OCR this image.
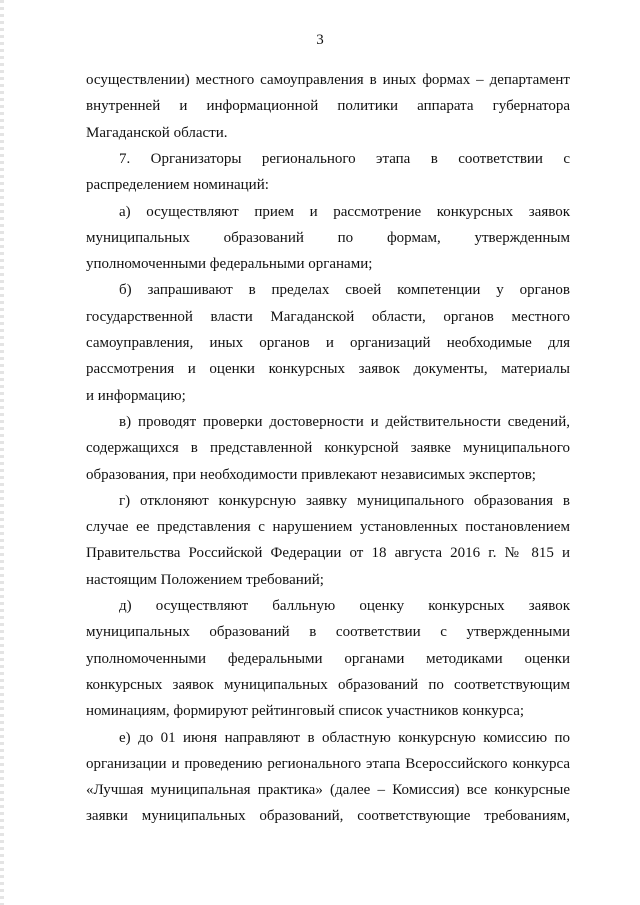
3
осуществлении) местного самоуправления в иных формах – департамент
внутренней и информационной политики аппарата губернатора
Магаданской области.
7. Организаторы регионального этапа в соответствии с
распределением номинаций:
а) осуществляют прием и рассмотрение конкурсных заявок
муниципальных образований по формам, утвержденным
уполномоченными федеральными органами;
б) запрашивают в пределах своей компетенции у органов
государственной власти Магаданской области, органов местного
самоуправления, иных органов и организаций необходимые для
рассмотрения и оценки конкурсных заявок документы, материалы
и информацию;
в) проводят проверки достоверности и действительности сведений,
содержащихся в представленной конкурсной заявке муниципального
образования, при необходимости привлекают независимых экспертов;
г) отклоняют конкурсную заявку муниципального образования в
случае ее представления с нарушением установленных постановлением
Правительства Российской Федерации от 18 августа 2016 г. № 815 и
настоящим Положением требований;
д) осуществляют балльную оценку конкурсных заявок
муниципальных образований в соответствии с утвержденными
уполномоченными федеральными органами методиками оценки
конкурсных заявок муниципальных образований по соответствующим
номинациям, формируют рейтинговый список участников конкурса;
е) до 01 июня направляют в областную конкурсную комиссию по
организации и проведению регионального этапа Всероссийского конкурса
«Лучшая муниципальная практика» (далее – Комиссия) все конкурсные
заявки муниципальных образований, соответствующие требованиям,
